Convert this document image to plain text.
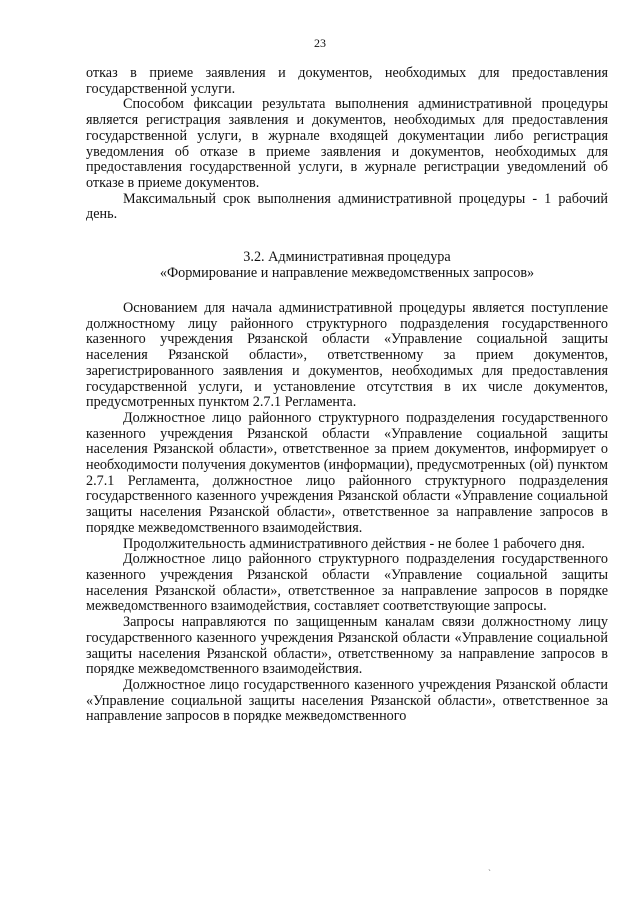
23

отказ в приеме заявления и документов, необходимых для предоставления государственной услуги.

Способом фиксации результата выполнения административной процедуры является регистрация заявления и документов, необходимых для предоставления государственной услуги, в журнале входящей документации либо регистрация уведомления об отказе в приеме заявления и документов, необходимых для предоставления государственной услуги, в журнале регистрации уведомлений об отказе в приеме документов.

Максимальный срок выполнения административной процедуры - 1 рабочий день.

3.2. Административная процедура
«Формирование и направление межведомственных запросов»

Основанием для начала административной процедуры является поступление должностному лицу районного структурного подразделения государственного казенного учреждения Рязанской области «Управление социальной защиты населения Рязанской области», ответственному за прием документов, зарегистрированного заявления и документов, необходимых для предоставления государственной услуги, и установление отсутствия в их числе документов, предусмотренных пунктом 2.7.1 Регламента.

Должностное лицо районного структурного подразделения государственного казенного учреждения Рязанской области «Управление социальной защиты населения Рязанской области», ответственное за прием документов, информирует о необходимости получения документов (информации), предусмотренных (ой) пунктом 2.7.1 Регламента, должностное лицо районного структурного подразделения государственного казенного учреждения Рязанской области «Управление социальной защиты населения Рязанской области», ответственное за направление запросов в порядке межведомственного взаимодействия.

Продолжительность административного действия - не более 1 рабочего дня.

Должностное лицо районного структурного подразделения государственного казенного учреждения Рязанской области «Управление социальной защиты населения Рязанской области», ответственное за направление запросов в порядке межведомственного взаимодействия, составляет соответствующие запросы.

Запросы направляются по защищенным каналам связи должностному лицу государственного казенного учреждения Рязанской области «Управление социальной защиты населения Рязанской области», ответственному за направление запросов в порядке межведомственного взаимодействия.

Должностное лицо государственного казенного учреждения Рязанской области «Управление социальной защиты населения Рязанской области», ответственное за направление запросов в порядке межведомственного

`
